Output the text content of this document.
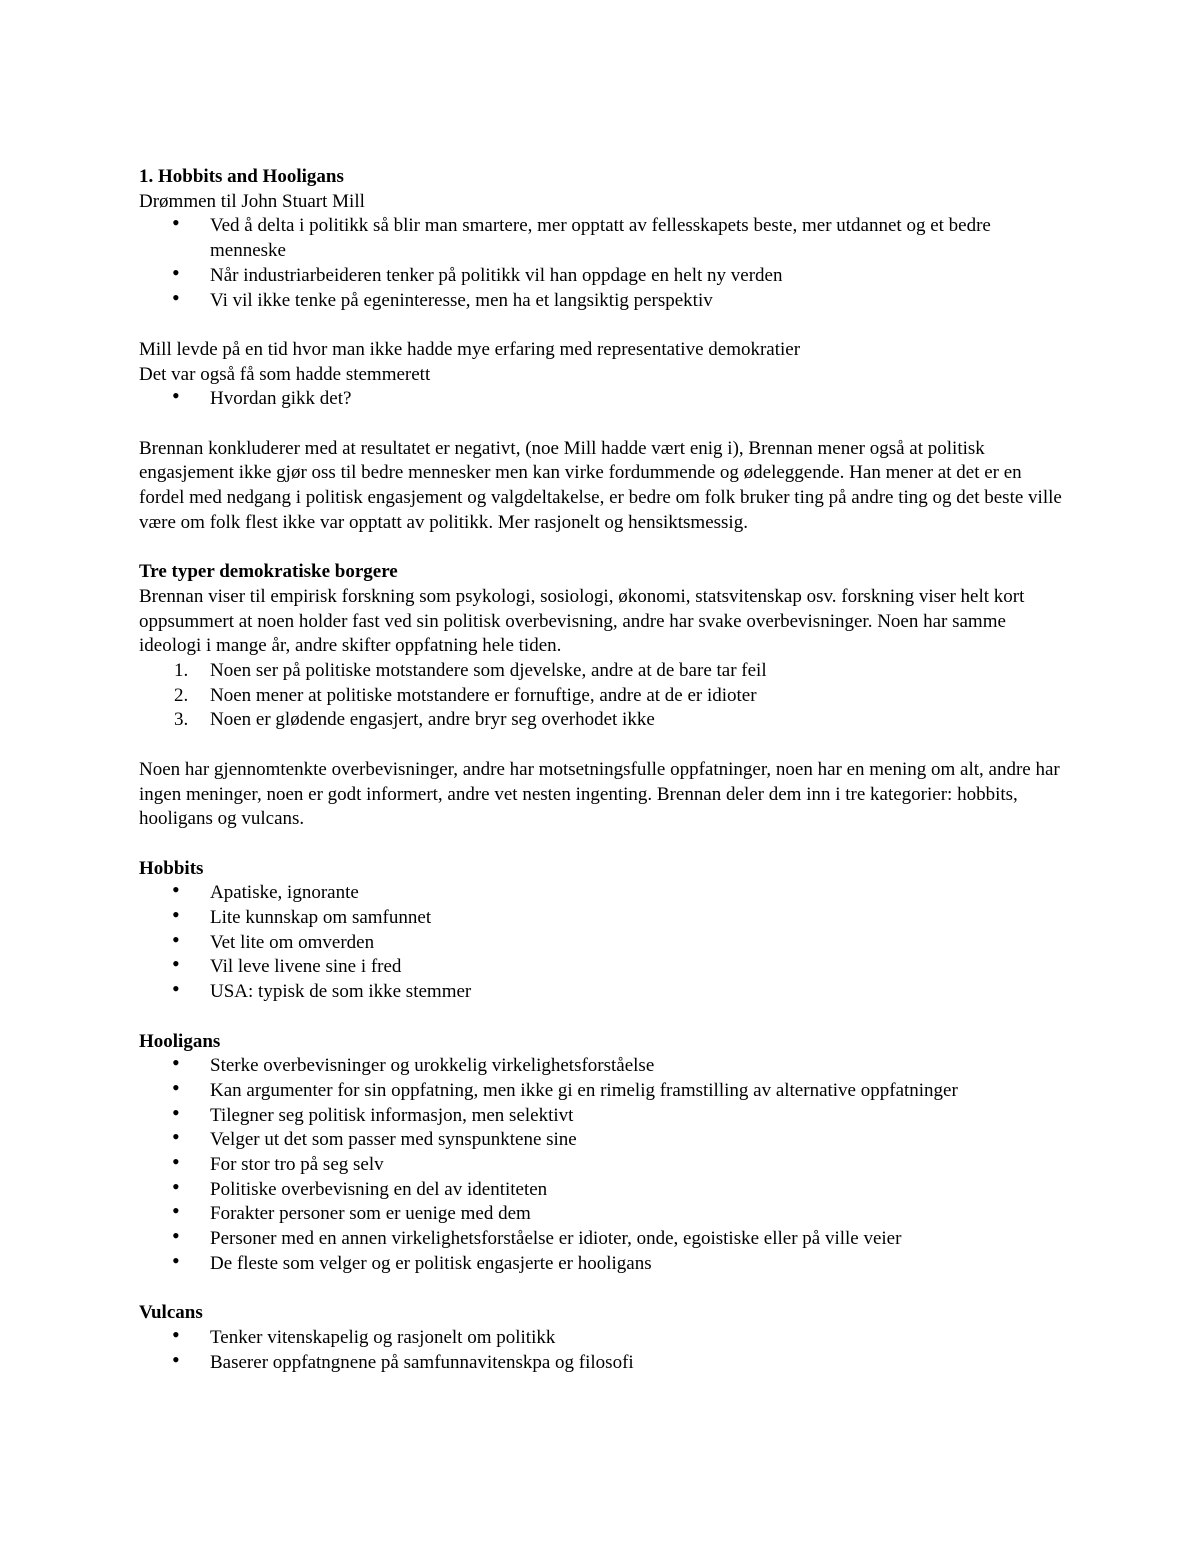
1. Hobbits and Hooligans
Drømmen til John Stuart Mill
• Ved å delta i politikk så blir man smartere, mer opptatt av fellesskapets beste, mer utdannet og et bedre menneske
• Når industriarbeideren tenker på politikk vil han oppdage en helt ny verden
• Vi vil ikke tenke på egeninteresse, men ha et langsiktig perspektiv
Mill levde på en tid hvor man ikke hadde mye erfaring med representative demokratier
Det var også få som hadde stemmerett
• Hvordan gikk det?

Brennan konkluderer med at resultatet er negativt, (noe Mill hadde vært enig i), Brennan mener også at politisk engasjement ikke gjør oss til bedre mennesker men kan virke fordummende og ødeleggende. Han mener at det er en fordel med nedgang i politisk engasjement og valgdeltakelse, er bedre om folk bruker ting på andre ting og det beste ville være om folk flest ikke var opptatt av politikk. Mer rasjonelt og hensiktsmessig.

Tre typer demokratiske borgere

Brennan viser til empirisk forskning som psykologi, sosiologi, økonomi, statsvitenskap osv. forskning viser helt kort oppsummert at noen holder fast ved sin politisk overbevisning, andre har svake overbevisninger. Noen har samme ideologi i mange år, andre skifter oppfatning hele tiden.

1. Noen ser på politiske motstandere som djevelske, andre at de bare tar feil
2. Noen mener at politiske motstandere er fornuftige, andre at de er idioter
3. Noen er glødende engasjert, andre bryr seg overhodet ikke

Noen har gjennomtenkte overbevisninger, andre har motsetningsfulle oppfatninger, noen har en mening om alt, andre har ingen meninger, noen er godt informert, andre vet nesten ingenting. Brennan deler dem inn i tre kategorier: hobbits, hooligans og vulcans.

Hobbits
• Apatiske, ignorante
• Lite kunnskap om samfunnet
• Vet lite om omverden
• Vil leve livene sine i fred
• USA: typisk de som ikke stemmer
Hooligans
• Sterke overbevisninger og urokkelig virkelighetsforståelse
• Kan argumenter for sin oppfatning, men ikke gi en rimelig framstilling av alternative oppfatninger
• Tilegner seg politisk informasjon, men selektivt
• Velger ut det som passer med synspunktene sine
• For stor tro på seg selv
• Politiske overbevisning en del av identiteten
• Forakter personer som er uenige med dem
• Personer med en annen virkelighetsforståelse er idioter, onde, egoistiske eller på ville veier
• De fleste som velger og er politisk engasjerte er hooligans
Vulcans
• Tenker vitenskapelig og rasjonelt om politikk
• Baserer oppfatngnene på samfunnavitenskpa og filosofi
